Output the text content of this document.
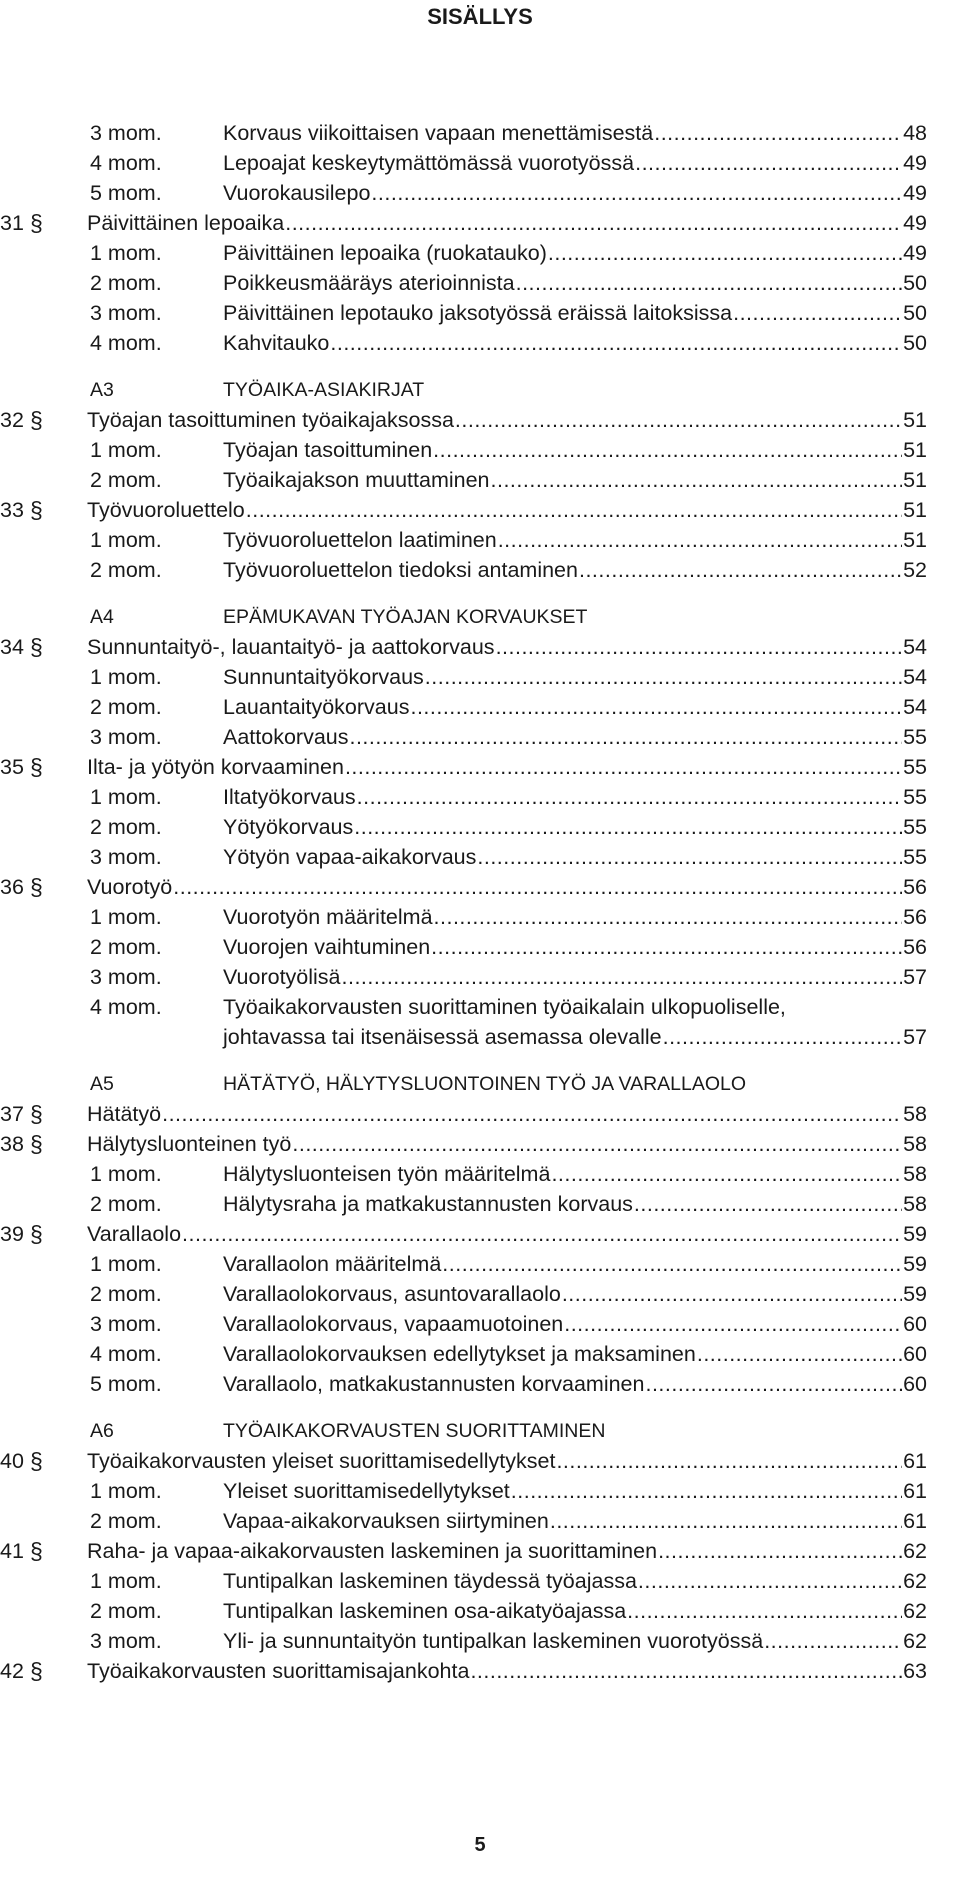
SISÄLLYS
3 mom.	Korvaus viikoittaisen vapaan menettämisestä .....	48
4 mom.	Lepoajat keskeytymättömässä vuorotyössä .....	49
5 mom.	Vuorokausilepo .....	49
31 § Päivittäinen lepoaika .....	49
1 mom.	Päivittäinen lepoaika (ruokatauko) .....	49
2 mom.	Poikkeusmääräys aterioinnista .....	50
3 mom.	Päivittäinen lepotauko jaksotyössä eräissä laitoksissa .....	50
4 mom.	Kahvitauko .....	50
A3	TYÖAIKA-ASIAKIRJAT
32 § Työajan tasoittuminen työaikajaksossa .....	51
1 mom.	Työajan tasoittuminen .....	51
2 mom.	Työaikajakson muuttaminen .....	51
33 § Työvuoroluettelo .....	51
1 mom.	Työvuoroluettelon laatiminen .....	51
2 mom.	Työvuoroluettelon tiedoksi antaminen .....	52
A4	EPÄMUKAVAN TYÖAJAN KORVAUKSET
34 § Sunnuntaityö-, lauantaityö- ja aattokorvaus .....	54
1 mom.	Sunnuntaityökorvaus .....	54
2 mom.	Lauantaityökorvaus .....	54
3 mom.	Aattokorvaus .....	55
35 § Ilta- ja yötyön korvaaminen .....	55
1 mom.	Iltatyökorvaus .....	55
2 mom.	Yötyökorvaus .....	55
3 mom.	Yötyön vapaa-aikakorvaus .....	55
36 § Vuorotyö .....	56
1 mom.	Vuorotyön määritelmä .....	56
2 mom.	Vuorojen vaihtuminen .....	56
3 mom.	Vuorotyölisä .....	57
4 mom.	Työaikakorvausten suorittaminen työaikalain ulkopuoliselle,
johtavassa tai itsenäisessä asemassa olevalle .....	57
A5	HÄTÄTYÖ, HÄLYTYSLUONTOINEN TYÖ JA VARALLAOLO
37 § Hätätyö .....	58
38 § Hälytysluonteinen työ .....	58
1 mom.	Hälytysluonteisen työn määritelmä .....	58
2 mom.	Hälytysraha ja matkakustannusten korvaus .....	58
39 § Varallaolo .....	59
1 mom.	Varallaolon määritelmä .....	59
2 mom.	Varallaolokorvaus, asuntovarallaolo .....	59
3 mom.	Varallaolokorvaus, vapaamuotoinen .....	60
4 mom.	Varallaolokorvauksen edellytykset ja maksaminen .....	60
5 mom.	Varallaolo, matkakustannusten korvaaminen .....	60
A6	TYÖAIKAKORVAUSTEN SUORITTAMINEN
40 § Työaikakorvausten yleiset suorittamisedellytykset .....	61
1 mom.	Yleiset suorittamisedellytykset .....	61
2 mom.	Vapaa-aikakorvauksen siirtyminen .....	61
41 § Raha- ja vapaa-aikakorvausten laskeminen ja suorittaminen .....	62
1 mom.	Tuntipalkan laskeminen täydessä työajassa .....	62
2 mom.	Tuntipalkan laskeminen osa-aikatyöajassa .....	62
3 mom.	Yli- ja sunnuntaityön tuntipalkan laskeminen vuorotyössä .....	62
42 § Työaikakorvausten suorittamisajankohta .....	63
5
